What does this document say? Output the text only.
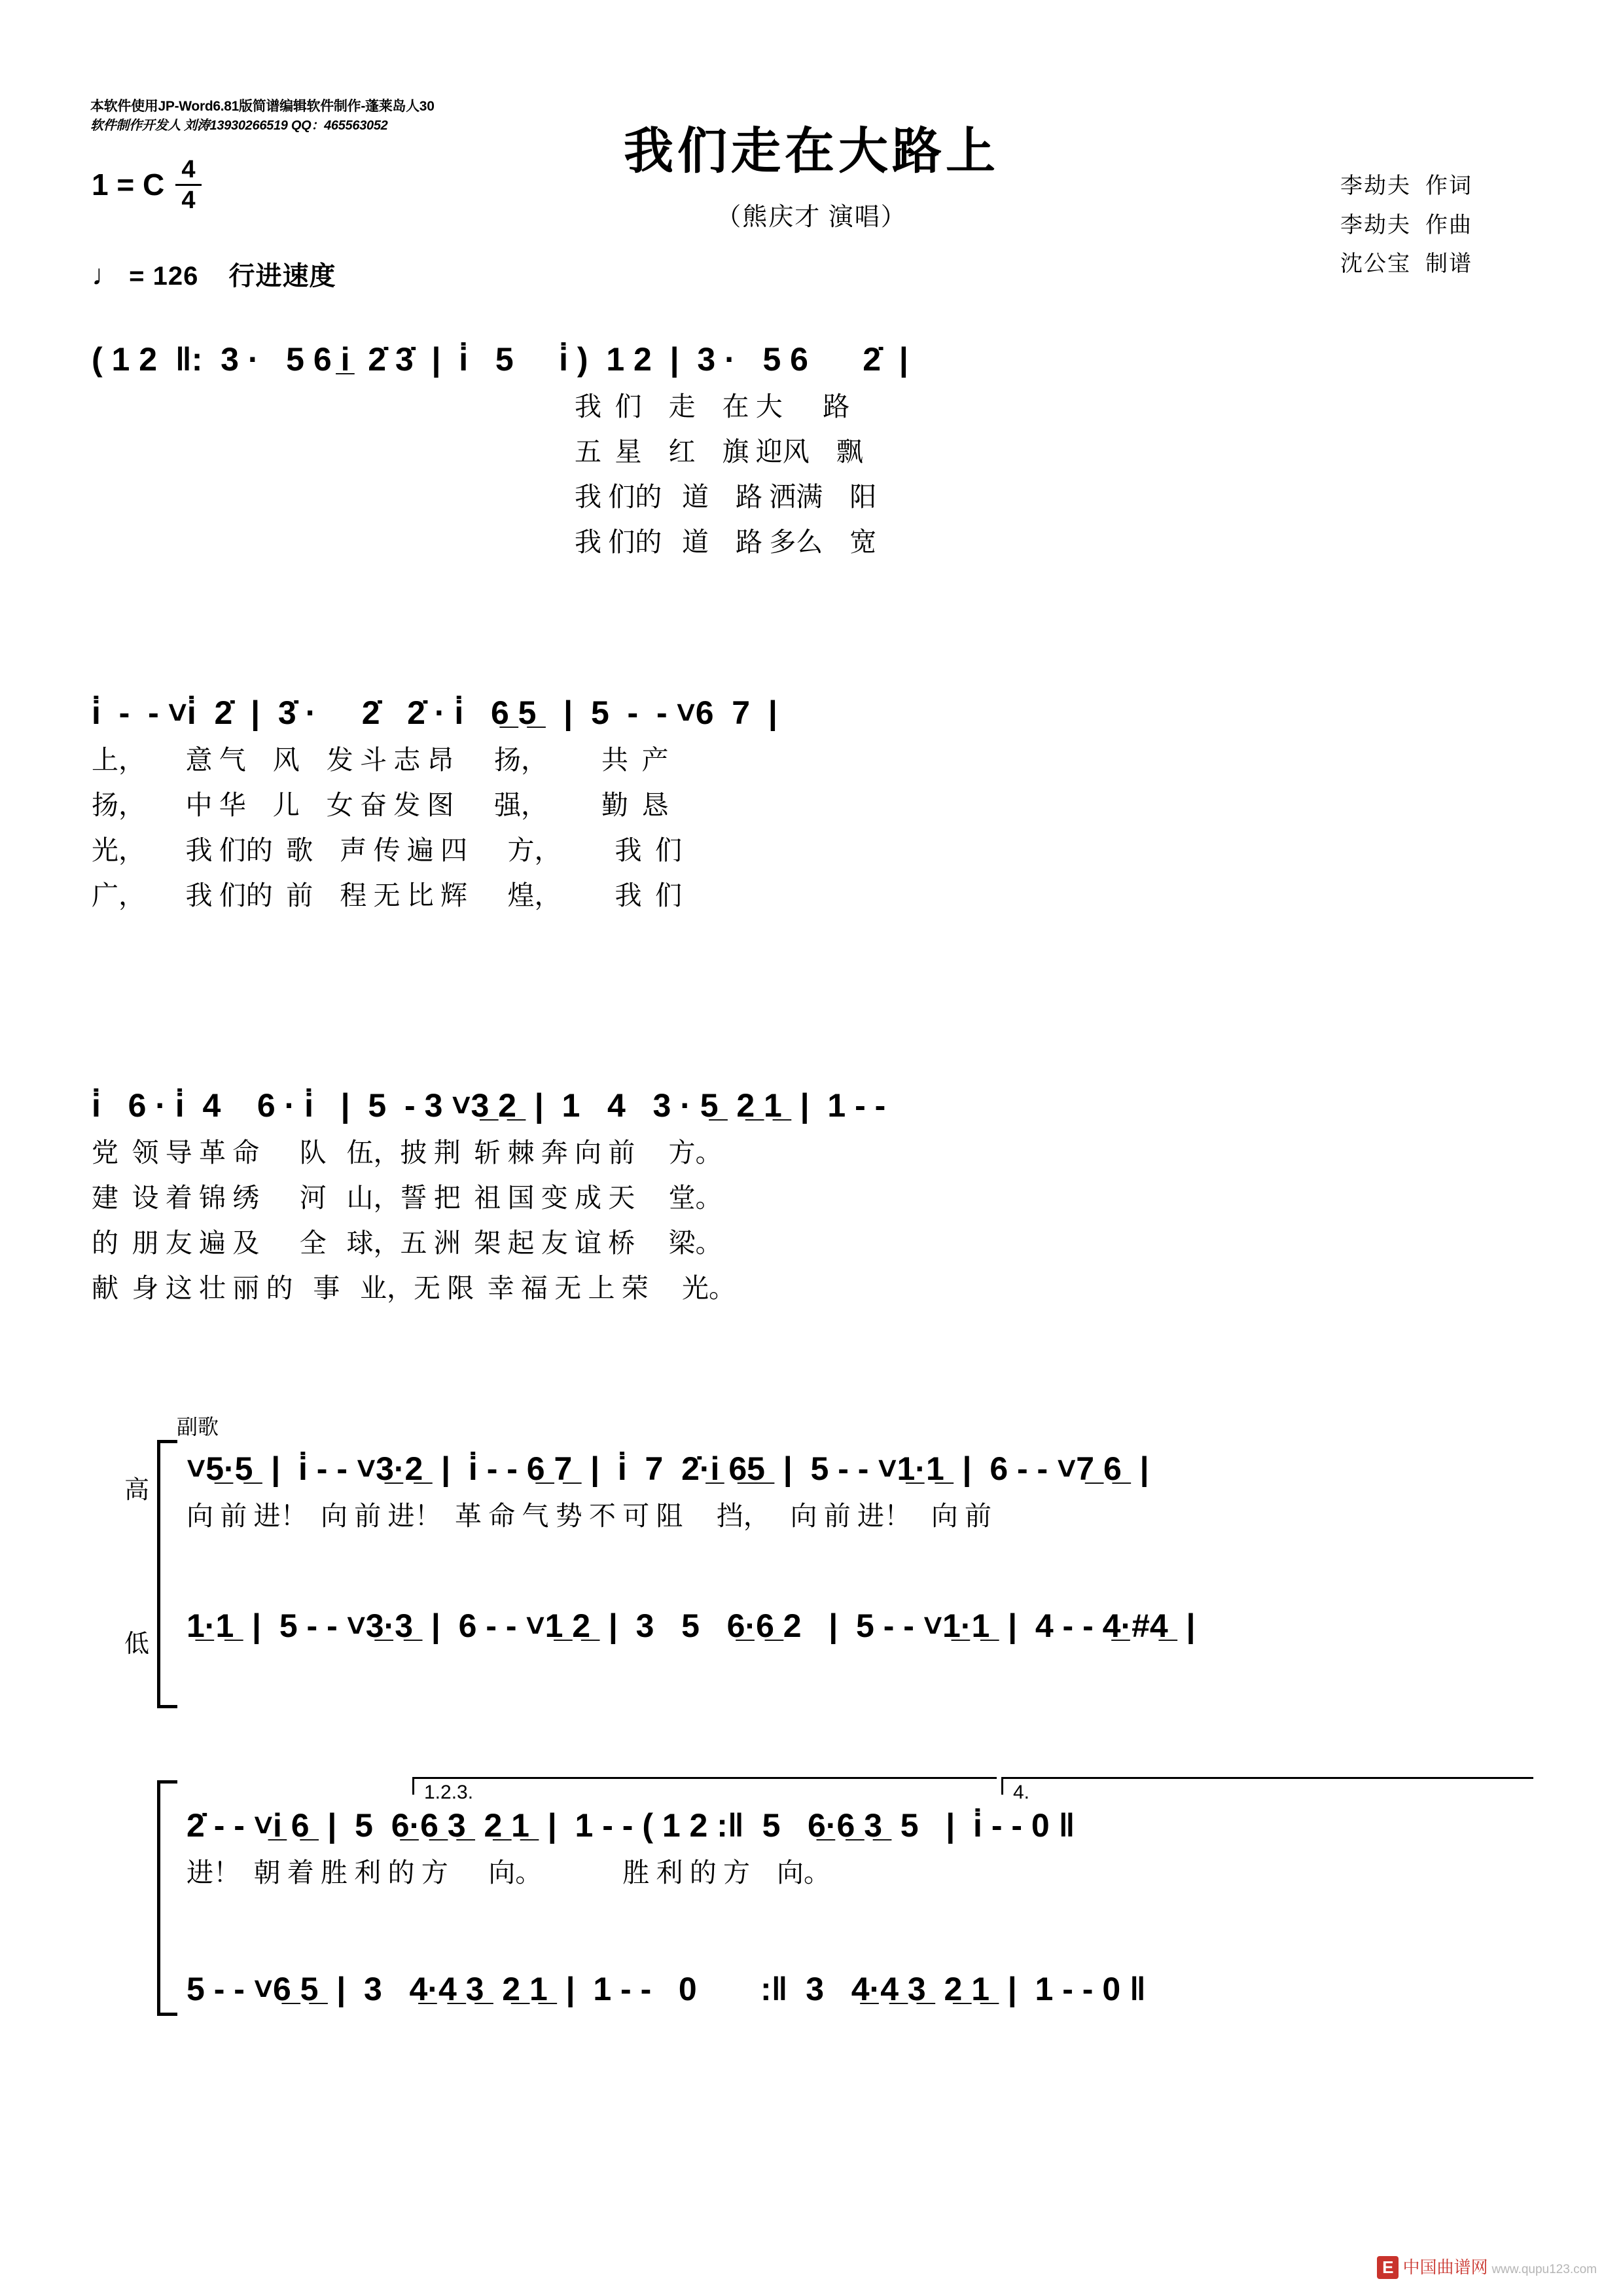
本软件使用JP-Word6.81版简谱编辑软件制作-蓬莱岛人30
软件制作开发人 刘涛13930266519 QQ：465563052	我们走在大路上
（熊庆才 演唱）
李劫夫 作词
李劫夫 作曲
沈公宝 制谱
1 = C 4
4
♩ = 126 行进速度
( 1 2  ‖:  3 ·   5 6 i̲  2̇ 3̇  |  i̇   5     i̇ )  1 2  |  3 ·   5 6      2̇  |
我  们    走    在 大      路
五  星    红    旗 迎风    飘
我 们的   道    路 洒满    阳
我 们的   道    路 多么    宽
i̇  -  - ˅i̇  2̇  |  3̇ ·     2̇   2̇ · i̇   6̲ 5̲   |  5  -  - ˅6  7  |
上，      意 气    风    发 斗 志 昂      扬，        共  产
扬，      中 华    儿    女 奋 发 图      强，        勤  恳
光，      我 们的  歌    声 传 遍 四      方，        我  们
广，      我 们的  前    程 无 比 辉      煌，        我  们
i̇   6 · i̇  4    6 · i̇   |  5  - 3 ˅3̲ 2̲  |  1   4   3 · 5̲  2̲ 1̲  |  1 - -
党  领 导 革 命      队   伍，披 荆  斩 棘 奔 向 前     方。
建  设 着 锦 绣      河   山，誓 把  祖 国 变 成 天     堂。
的  朋 友 遍 及      全   球，五 洲  架 起 友 谊 桥     梁。
献  身 这 壮 丽 的   事   业，无 限  幸 福 无 上 荣     光。
副歌
高
低
˅5̲·5̲  |  i̇ - - ˅3̲·2̲  |  i̇ - - 6̲ 7̲  |  i̇  7  2̇·i̲ 6̲5̲  |  5 - - ˅1̲·1̲  |  6 - - ˅7̲ 6̲  |
向 前 进！  向 前 进！  革 命 气 势 不 可 阻     挡，   向 前 进！   向 前
1̲·1̲  |  5 - - ˅3̲·3̲  |  6 - - ˅1̲ 2̲  |  3   5   6̲·6̲ 2   |  5 - - ˅1̲·1̲  |  4 - - 4̲·#4̲  |
1.2.3.	4.
2̇ - - ˅i̲ 6̲  |  5  6̲·6̲ 3̲  2̲ 1̲  |  1 - - ( 1 2 :‖  5   6̲·6̲ 3̲  5   |  i̇ - - 0 ‖
进！  朝 着 胜 利 的 方      向。            胜 利 的 方    向。
5 - - ˅6̲ 5̲  |  3   4̲·4̲ 3̲  2̲ 1̲  |  1 - -   0       :‖  3   4̲·4̲ 3̲  2̲ 1̲  |  1 - - 0 ‖
E 中国曲谱网 www.qupu123.com
